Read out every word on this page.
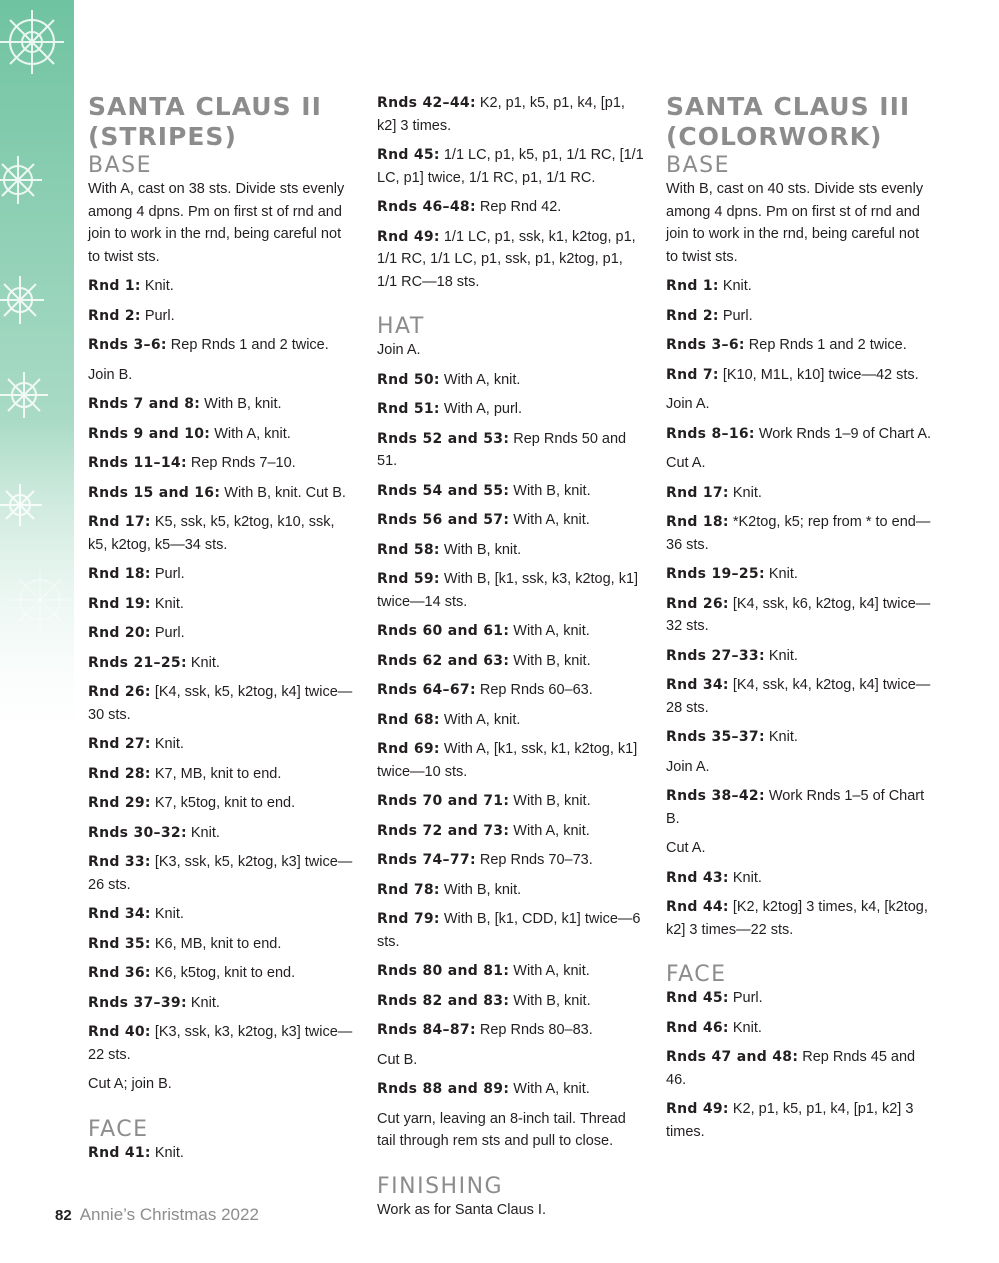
SANTA CLAUS II
(STRIPES)
BASE

With A, cast on 38 sts. Divide sts evenly among 4 dpns. Pm on first st of rnd and join to work in the rnd, being careful not to twist sts.

Rnd 1: Knit.

Rnd 2: Purl.

Rnds 3–6: Rep Rnds 1 and 2 twice.

Join B.

Rnds 7 and 8: With B, knit.

Rnds 9 and 10: With A, knit.

Rnds 11–14: Rep Rnds 7–10.

Rnds 15 and 16: With B, knit. Cut B.

Rnd 17: K5, ssk, k5, k2tog, k10, ssk, k5, k2tog, k5—34 sts.

Rnd 18: Purl.

Rnd 19: Knit.

Rnd 20: Purl.

Rnds 21–25: Knit.

Rnd 26: [K4, ssk, k5, k2tog, k4] twice—30 sts.

Rnd 27: Knit.

Rnd 28: K7, MB, knit to end.

Rnd 29: K7, k5tog, knit to end.

Rnds 30–32: Knit.

Rnd 33: [K3, ssk, k5, k2tog, k3] twice—26 sts.

Rnd 34: Knit.

Rnd 35: K6, MB, knit to end.

Rnd 36: K6, k5tog, knit to end.

Rnds 37–39: Knit.

Rnd 40: [K3, ssk, k3, k2tog, k3] twice—22 sts.

Cut A; join B.

FACE

Rnd 41: Knit.

Rnds 42–44: K2, p1, k5, p1, k4, [p1, k2] 3 times.

Rnd 45: 1/1 LC, p1, k5, p1, 1/1 RC, [1/1 LC, p1] twice, 1/1 RC, p1, 1/1 RC.

Rnds 46–48: Rep Rnd 42.

Rnd 49: 1/1 LC, p1, ssk, k1, k2tog, p1, 1/1 RC, 1/1 LC, p1, ssk, p1, k2tog, p1, 1/1 RC—18 sts.

HAT

Join A.

Rnd 50: With A, knit.

Rnd 51: With A, purl.

Rnds 52 and 53: Rep Rnds 50 and 51.

Rnds 54 and 55: With B, knit.

Rnds 56 and 57: With A, knit.

Rnd 58: With B, knit.

Rnd 59: With B, [k1, ssk, k3, k2tog, k1] twice—14 sts.

Rnds 60 and 61: With A, knit.

Rnds 62 and 63: With B, knit.

Rnds 64–67: Rep Rnds 60–63.

Rnd 68: With A, knit.

Rnd 69: With A, [k1, ssk, k1, k2tog, k1] twice—10 sts.

Rnds 70 and 71: With B, knit.

Rnds 72 and 73: With A, knit.

Rnds 74–77: Rep Rnds 70–73.

Rnd 78: With B, knit.

Rnd 79: With B, [k1, CDD, k1] twice—6 sts.

Rnds 80 and 81: With A, knit.

Rnds 82 and 83: With B, knit.

Rnds 84–87: Rep Rnds 80–83.

Cut B.

Rnds 88 and 89: With A, knit.

Cut yarn, leaving an 8-inch tail. Thread tail through rem sts and pull to close.

FINISHING

Work as for Santa Claus I.

SANTA CLAUS III
(COLORWORK)
BASE

With B, cast on 40 sts. Divide sts evenly among 4 dpns. Pm on first st of rnd and join to work in the rnd, being careful not to twist sts.

Rnd 1: Knit.

Rnd 2: Purl.

Rnds 3–6: Rep Rnds 1 and 2 twice.

Rnd 7: [K10, M1L, k10] twice—42 sts.

Join A.

Rnds 8–16: Work Rnds 1–9 of Chart A.

Cut A.

Rnd 17: Knit.

Rnd 18: *K2tog, k5; rep from * to end—36 sts.

Rnds 19–25: Knit.

Rnd 26: [K4, ssk, k6, k2tog, k4] twice—32 sts.

Rnds 27–33: Knit.

Rnd 34: [K4, ssk, k4, k2tog, k4] twice—28 sts.

Rnds 35–37: Knit.

Join A.

Rnds 38–42: Work Rnds 1–5 of Chart B.

Cut A.

Rnd 43: Knit.

Rnd 44: [K2, k2tog] 3 times, k4, [k2tog, k2] 3 times—22 sts.

FACE

Rnd 45: Purl.

Rnd 46: Knit.

Rnds 47 and 48: Rep Rnds 45 and 46.

Rnd 49: K2, p1, k5, p1, k4, [p1, k2] 3 times.

82 Annie’s Christmas 2022
